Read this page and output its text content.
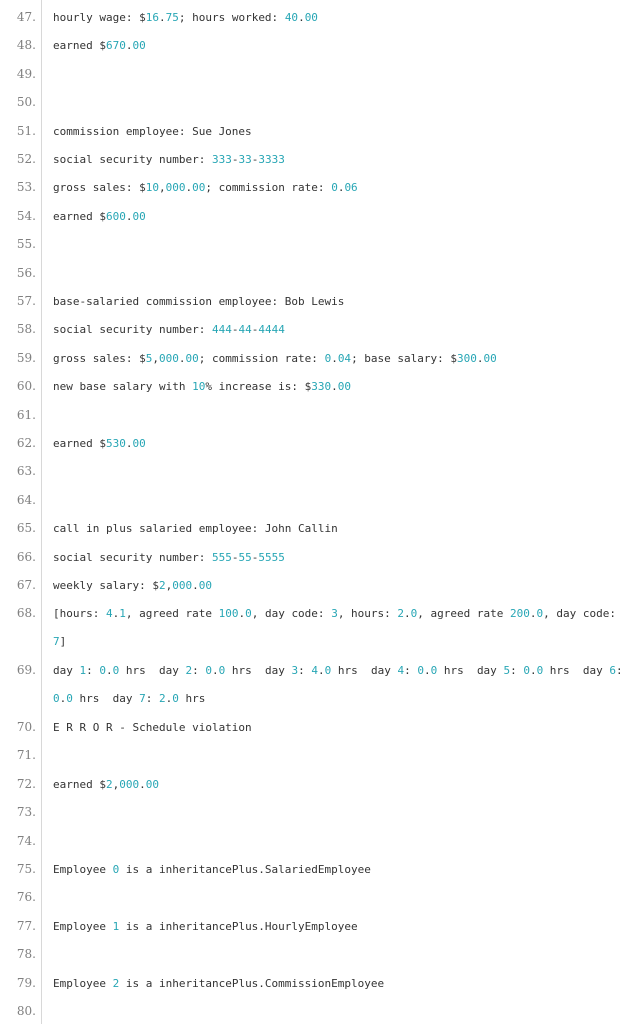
47. hourly wage: $16.75; hours worked: 40.00
48. earned $670.00
49.
50.
51. commission employee: Sue Jones
52. social security number: 333-33-3333
53. gross sales: $10,000.00; commission rate: 0.06
54. earned $600.00
55.
56.
57. base-salaried commission employee: Bob Lewis
58. social security number: 444-44-4444
59. gross sales: $5,000.00; commission rate: 0.04; base salary: $300.00
60. new base salary with 10% increase is: $330.00
61.
62. earned $530.00
63.
64.
65. call in plus salaried employee: John Callin
66. social security number: 555-55-5555
67. weekly salary: $2,000.00
68. [hours: 4.1, agreed rate 100.0, day code: 3, hours: 2.0, agreed rate 200.0, day code: 7]
69. day 1: 0.0 hrs  day 2: 0.0 hrs  day 3: 4.0 hrs  day 4: 0.0 hrs  day 5: 0.0 hrs  day 6: 0.0 hrs  day 7: 2.0 hrs
70. E R R O R - Schedule violation
71.
72. earned $2,000.00
73.
74.
75. Employee 0 is a inheritancePlus.SalariedEmployee
76.
77. Employee 1 is a inheritancePlus.HourlyEmployee
78.
79. Employee 2 is a inheritancePlus.CommissionEmployee
80.
